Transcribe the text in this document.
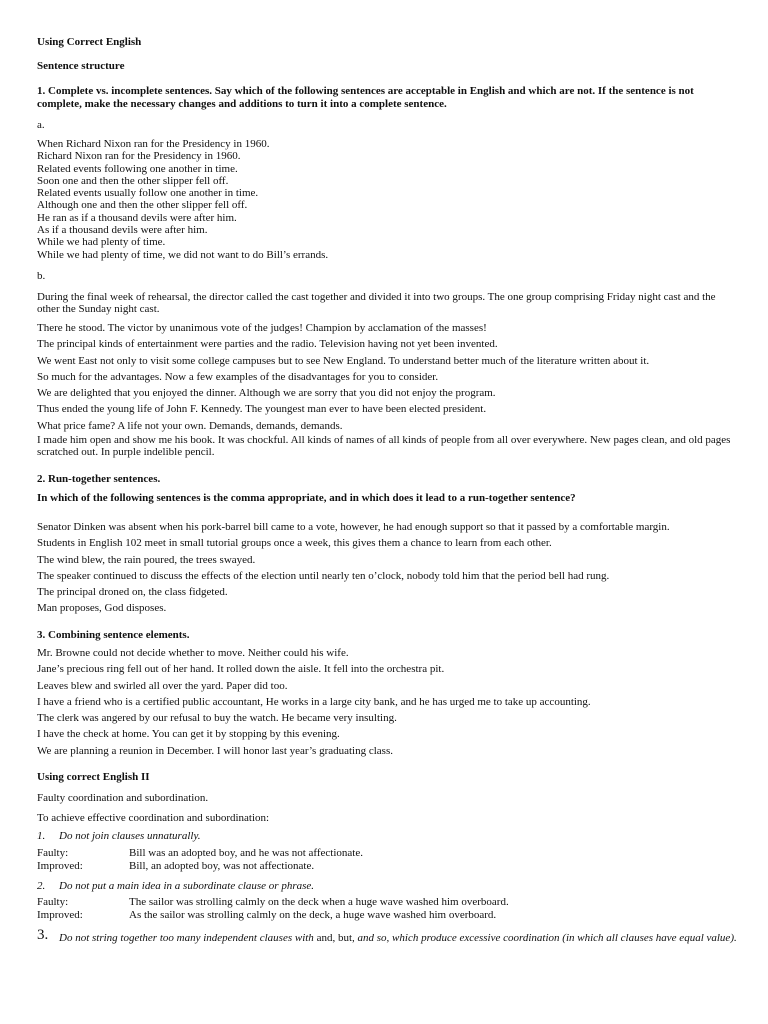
Using Correct English
Sentence structure
1. Complete vs. incomplete sentences. Say which of the following sentences are acceptable in English and which are not. If the sentence is not complete, make the necessary changes and additions to turn it into a complete sentence.
a.
When Richard Nixon ran for the Presidency in 1960.
Richard Nixon ran for the Presidency in 1960.
Related events following one another in time.
Soon one and then the other slipper fell off.
Related events usually follow one another in time.
Although one and then the other slipper fell off.
He ran as if a thousand devils were after him.
As if a thousand devils were after him.
While we had plenty of time.
While we had plenty of time, we did not want to do Bill’s errands.
b.
During the final week of rehearsal, the director called the cast together and divided it into two groups. The one group comprising Friday night cast and the other the Sunday night cast.
There he stood. The victor by unanimous vote of the judges! Champion by acclamation of the masses!
The principal kinds of entertainment were parties and the radio. Television having not yet been invented.
We went East not only to visit some college campuses but to see New England. To understand better much of the literature written about it.
So much for the advantages. Now a few examples of the disadvantages for you to consider.
We are delighted that you enjoyed the dinner. Although we are sorry that you did not enjoy the program.
Thus ended the young life of John F. Kennedy. The youngest man ever to have been elected president.
What price fame? A life not your own. Demands, demands, demands.
I made him open and show me his book. It was chockful. All kinds of names of all kinds of people from all over everywhere. New pages clean, and old pages scratched out. In purple indelible pencil.
2. Run-together sentences.
In which of the following sentences is the comma appropriate, and in which does it lead to a run-together sentence?
Senator Dinken was absent when his pork-barrel bill came to a vote, however, he had enough support so that it passed by a comfortable margin.
Students in English 102 meet in small tutorial groups once a week, this gives them a chance to learn from each other.
The wind blew, the rain poured, the trees swayed.
The speaker continued to discuss the effects of the election until nearly ten o’clock, nobody told him that the period bell had rung.
The principal droned on, the class fidgeted.
Man proposes, God disposes.
3. Combining sentence elements.
Mr. Browne could not decide whether to move. Neither could his wife.
Jane’s precious ring fell out of her hand. It rolled down the aisle. It fell into the orchestra pit.
Leaves blew and swirled all over the yard. Paper did too.
I have a friend who is a certified public accountant, He works in a large city bank, and he has urged me to take up accounting.
The clerk was angered by our refusal to buy the watch. He became very insulting.
I have the check at home. You can get it by stopping by this evening.
We are planning a reunion in December. I will honor last year’s graduating class.
Using correct English II
Faulty coordination and subordination.
To achieve effective coordination and subordination:
1. Do not join clauses unnaturally.
Faulty:	Bill was an adopted boy, and he was not affectionate.
Improved:	Bill, an adopted boy, was not affectionate.
2. Do not put a main idea in a subordinate clause or phrase.
Faulty:	The sailor was strolling calmly on the deck when a huge wave washed him overboard.
Improved:	As the sailor was strolling calmly on the deck, a huge wave washed him overboard.
3. Do not string together too many independent clauses with and, but, and so, which produce excessive coordination (in which all clauses have equal value).
